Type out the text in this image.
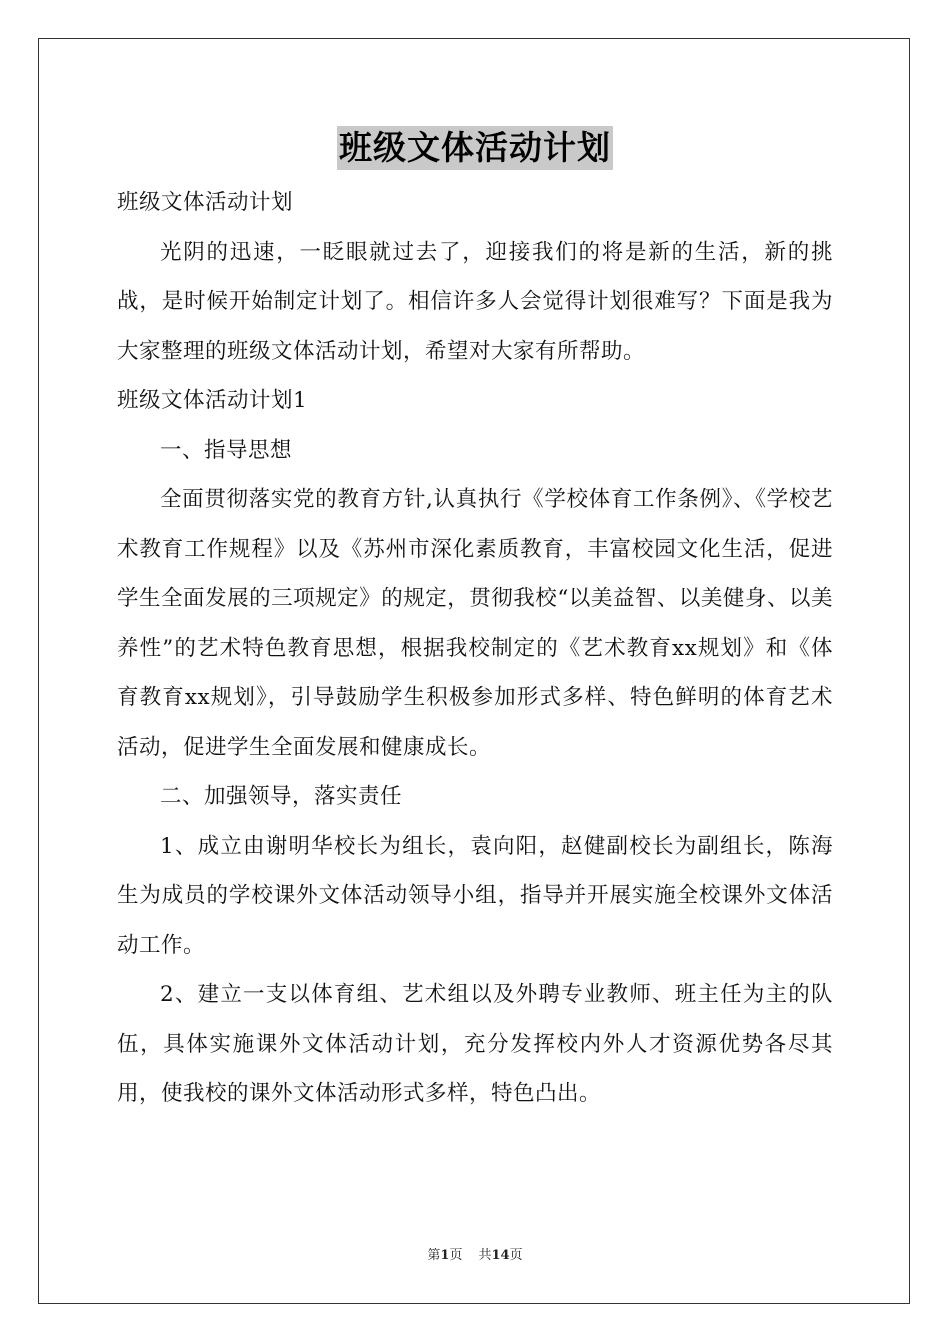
班级文体活动计划

班级文体活动计划

光阴的迅速，一眨眼就过去了，迎接我们的将是新的生活，新的挑战，是时候开始制定计划了。相信许多人会觉得计划很难写？下面是我为大家整理的班级文体活动计划，希望对大家有所帮助。

班级文体活动计划1

一、指导思想

全面贯彻落实党的教育方针,认真执行《学校体育工作条例》、《学校艺术教育工作规程》以及《苏州市深化素质教育，丰富校园文化生活，促进学生全面发展的三项规定》的规定，贯彻我校“以美益智、以美健身、以美养性”的艺术特色教育思想，根据我校制定的《艺术教育xx规划》和《体育教育xx规划》，引导鼓励学生积极参加形式多样、特色鲜明的体育艺术活动，促进学生全面发展和健康成长。

二、加强领导，落实责任

1、成立由谢明华校长为组长，袁向阳，赵健副校长为副组长，陈海生为成员的学校课外文体活动领导小组，指导并开展实施全校课外文体活动工作。

2、建立一支以体育组、艺术组以及外聘专业教师、班主任为主的队伍，具体实施课外文体活动计划，充分发挥校内外人才资源优势各尽其用，使我校的课外文体活动形式多样，特色凸出。

第1页 共14页
